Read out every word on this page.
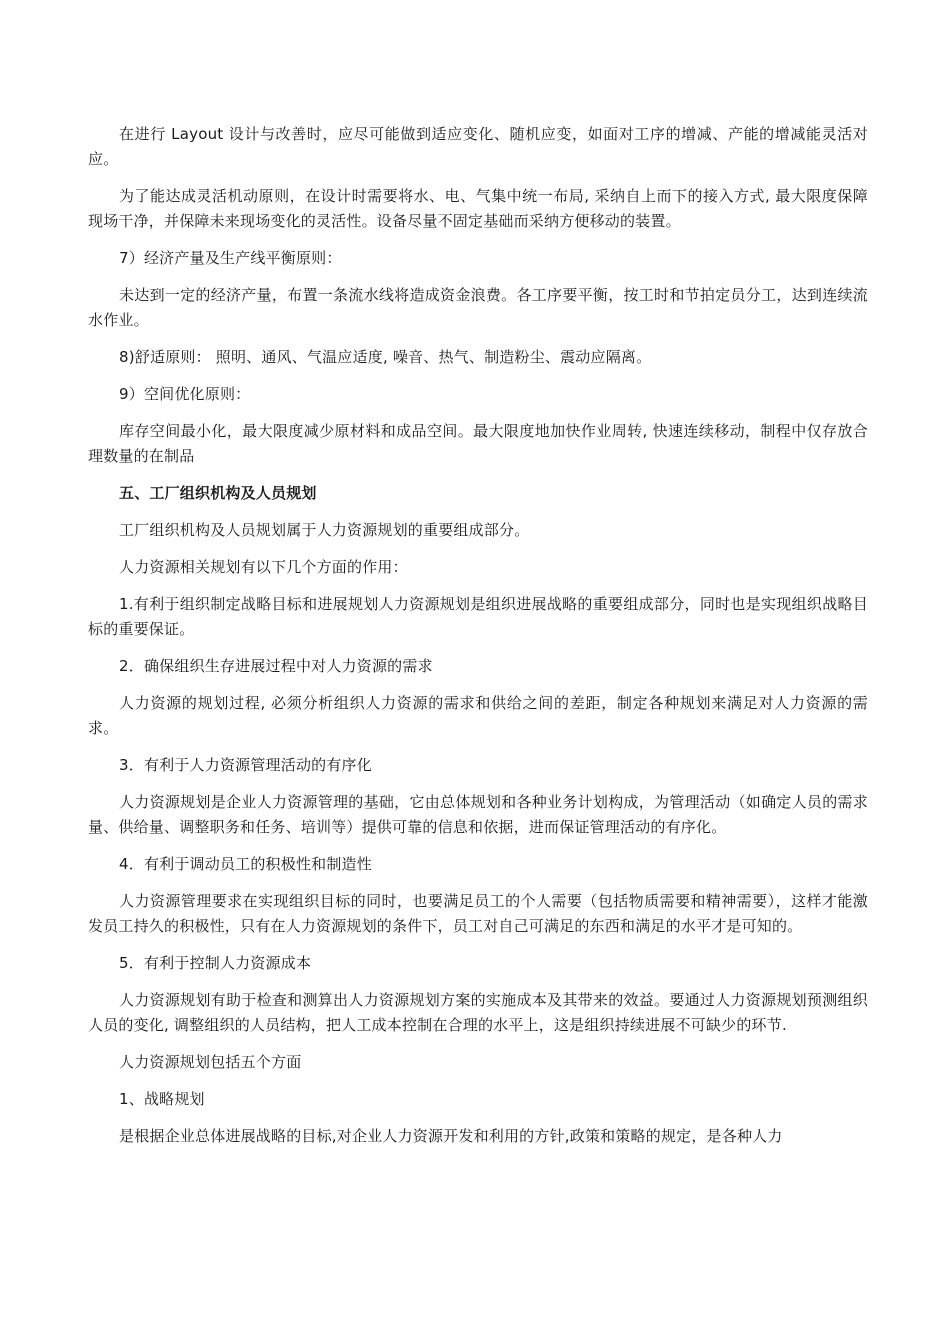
在进行 Layout 设计与改善时，应尽可能做到适应变化、随机应变，如面对工序的增减、产能的增减能灵活对应。

为了能达成灵活机动原则，在设计时需要将水、电、气集中统一布局, 采纳自上而下的接入方式, 最大限度保障现场干净，并保障未来现场变化的灵活性。设备尽量不固定基础而采纳方便移动的装置。

7）经济产量及生产线平衡原则：

未达到一定的经济产量，布置一条流水线将造成资金浪费。各工序要平衡，按工时和节拍定员分工，达到连续流水作业。

8)舒适原则： 照明、通风、气温应适度, 噪音、热气、制造粉尘、震动应隔离。

9）空间优化原则：

库存空间最小化，最大限度减少原材料和成品空间。最大限度地加快作业周转, 快速连续移动，制程中仅存放合理数量的在制品

五、工厂组织机构及人员规划

工厂组织机构及人员规划属于人力资源规划的重要组成部分。

人力资源相关规划有以下几个方面的作用：

1.有利于组织制定战略目标和进展规划人力资源规划是组织进展战略的重要组成部分，同时也是实现组织战略目标的重要保证。

2．确保组织生存进展过程中对人力资源的需求

人力资源的规划过程, 必须分析组织人力资源的需求和供给之间的差距，制定各种规划来满足对人力资源的需求。

3．有利于人力资源管理活动的有序化

人力资源规划是企业人力资源管理的基础，它由总体规划和各种业务计划构成，为管理活动（如确定人员的需求量、供给量、调整职务和任务、培训等）提供可靠的信息和依据，进而保证管理活动的有序化。

4．有利于调动员工的积极性和制造性

人力资源管理要求在实现组织目标的同时，也要满足员工的个人需要（包括物质需要和精神需要），这样才能激发员工持久的积极性，只有在人力资源规划的条件下，员工对自己可满足的东西和满足的水平才是可知的。

5．有利于控制人力资源成本

人力资源规划有助于检查和测算出人力资源规划方案的实施成本及其带来的效益。要通过人力资源规划预测组织人员的变化, 调整组织的人员结构，把人工成本控制在合理的水平上，这是组织持续进展不可缺少的环节.

人力资源规划包括五个方面

1、战略规划

是根据企业总体进展战略的目标,对企业人力资源开发和利用的方针,政策和策略的规定，是各种人力
